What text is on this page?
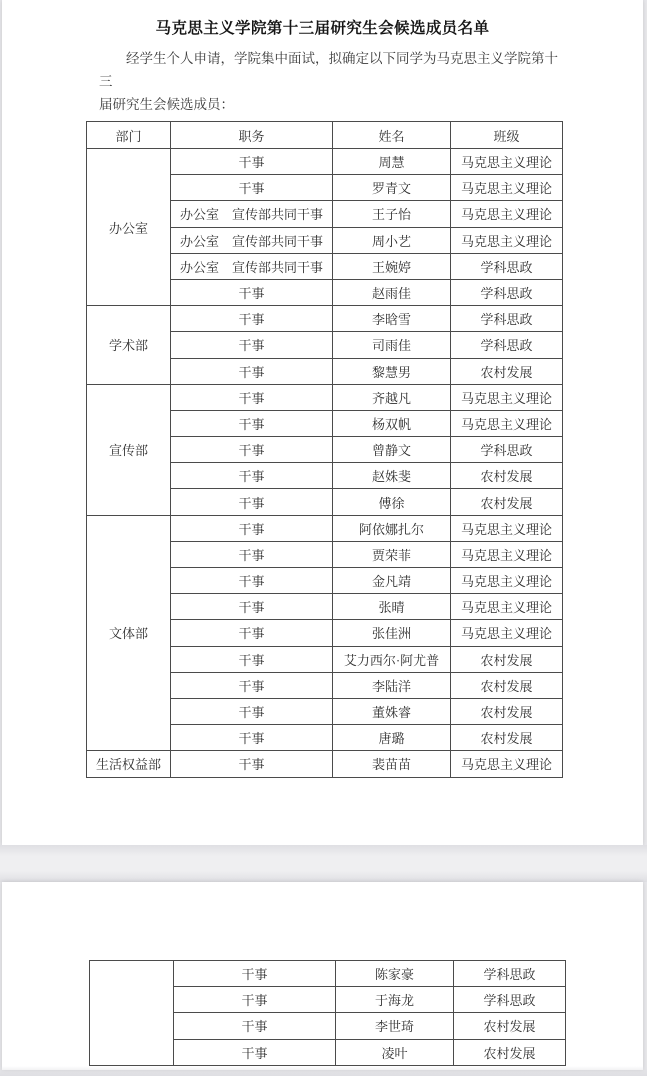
马克思主义学院第十三届研究生会候选成员名单
经学生个人申请，学院集中面试，拟确定以下同学为马克思主义学院第十三
届研究生会候选成员：
部门	职务	姓名	班级
办公室	干事	周慧	马克思主义理论
	干事	罗青文	马克思主义理论
	办公室　宣传部共同干事	王子怡	马克思主义理论
	办公室　宣传部共同干事	周小艺	马克思主义理论
	办公室　宣传部共同干事	王婉婷	学科思政
	干事	赵雨佳	学科思政
学术部	干事	李晗雪	学科思政
	干事	司雨佳	学科思政
	干事	黎慧男	农村发展
宣传部	干事	齐越凡	马克思主义理论
	干事	杨双帆	马克思主义理论
	干事	曾静文	学科思政
	干事	赵姝斐	农村发展
	干事	傅徐	农村发展
文体部	干事	阿依娜扎尔	马克思主义理论
	干事	贾荣菲	马克思主义理论
	干事	金凡靖	马克思主义理论
	干事	张晴	马克思主义理论
	干事	张佳洲	马克思主义理论
	干事	艾力西尔·阿尤普	农村发展
	干事	李陆洋	农村发展
	干事	董姝睿	农村发展
	干事	唐璐	农村发展
生活权益部	干事	裴苗苗	马克思主义理论
	干事	陈家豪	学科思政
	干事	于海龙	学科思政
	干事	李世琦	农村发展
	干事	凌叶	农村发展
